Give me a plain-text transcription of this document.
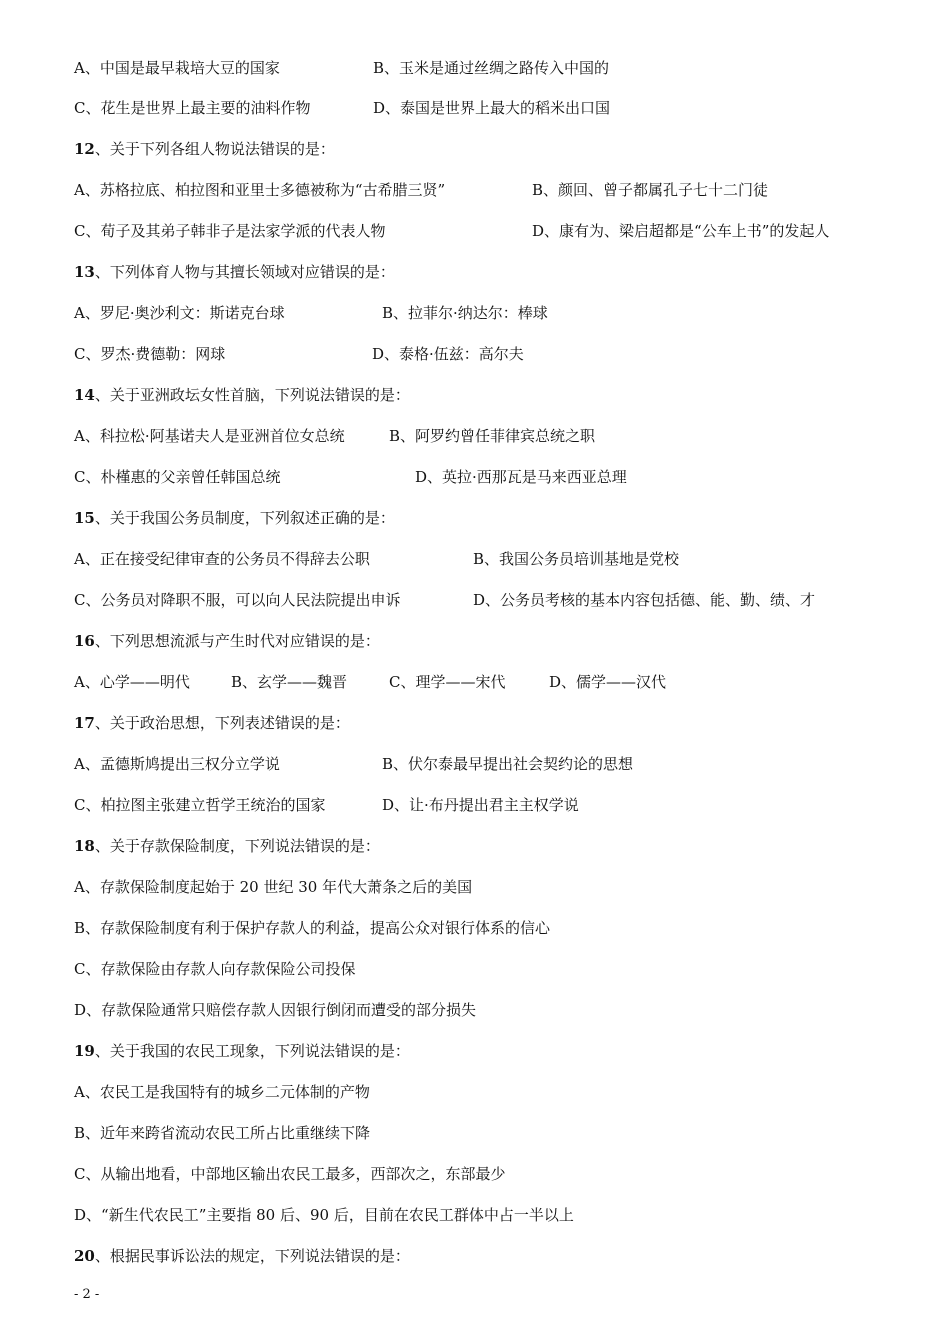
A、中国是最早栽培大豆的国家	B、玉米是通过丝绸之路传入中国的
C、花生是世界上最主要的油料作物	D、泰国是世界上最大的稻米出口国
12、关于下列各组人物说法错误的是：
A、苏格拉底、柏拉图和亚里士多德被称为“古希腊三贤”	B、颜回、曾子都属孔子七十二门徒
C、荀子及其弟子韩非子是法家学派的代表人物	D、康有为、梁启超都是“公车上书”的发起人
13、下列体育人物与其擅长领域对应错误的是：
A、罗尼·奥沙利文：斯诺克台球	B、拉菲尔·纳达尔：棒球
C、罗杰·费德勒：网球	D、泰格·伍兹：高尔夫
14、关于亚洲政坛女性首脑，下列说法错误的是：
A、科拉松·阿基诺夫人是亚洲首位女总统	B、阿罗约曾任菲律宾总统之职
C、朴槿惠的父亲曾任韩国总统	D、英拉·西那瓦是马来西亚总理
15、关于我国公务员制度，下列叙述正确的是：
A、正在接受纪律审查的公务员不得辞去公职	B、我国公务员培训基地是党校
C、公务员对降职不服，可以向人民法院提出申诉	D、公务员考核的基本内容包括德、能、勤、绩、才
16、下列思想流派与产生时代对应错误的是：
A、心学——明代	B、玄学——魏晋	C、理学——宋代	D、儒学——汉代
17、关于政治思想，下列表述错误的是：
A、孟德斯鸠提出三权分立学说	B、伏尔泰最早提出社会契约论的思想
C、柏拉图主张建立哲学王统治的国家	D、让·布丹提出君主主权学说
18、关于存款保险制度，下列说法错误的是：
A、存款保险制度起始于 20 世纪 30 年代大萧条之后的美国
B、存款保险制度有利于保护存款人的利益，提高公众对银行体系的信心
C、存款保险由存款人向存款保险公司投保
D、存款保险通常只赔偿存款人因银行倒闭而遭受的部分损失
19、关于我国的农民工现象，下列说法错误的是：
A、农民工是我国特有的城乡二元体制的产物
B、近年来跨省流动农民工所占比重继续下降
C、从输出地看，中部地区输出农民工最多，西部次之，东部最少
D、“新生代农民工”主要指 80 后、90 后，目前在农民工群体中占一半以上
20、根据民事诉讼法的规定，下列说法错误的是：
- 2 -
